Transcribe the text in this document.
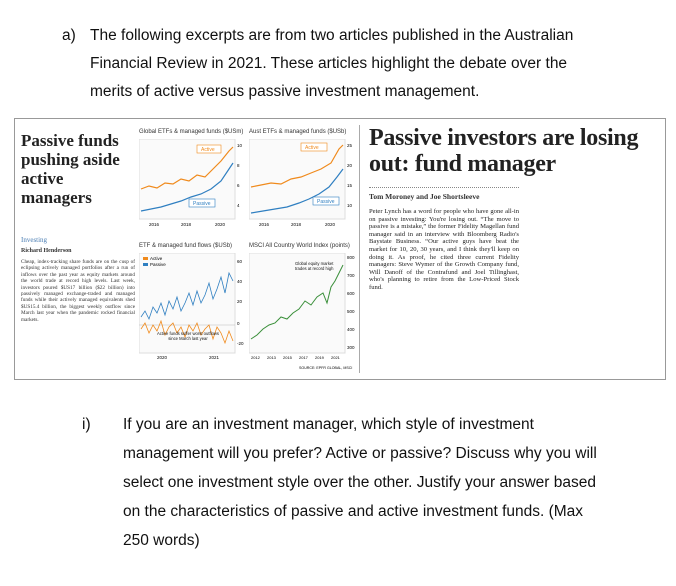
a) The following excerpts are from two articles published in the Australian Financial Review in 2021. These articles highlight the debate over the merits of active versus passive investment management.
Passive funds pushing aside active managers
Investing
Richard Henderson
Cheap, index-tracking share funds are on the cusp of eclipsing actively managed portfolios after a run of inflows over the past year as equity markets around the world trade at record high levels. Last week, investors poured $US17 billion ($22 billion) into passively managed exchange-traded and managed funds while their actively managed equivalents shed $US15.4 billion, the biggest weekly outflow since March last year when the pandemic rocked financial markets.
Global ETFs & managed funds ($USm)
Active
Passive
10
8
6
4
2016	2018	2020
Aust ETFs & managed funds ($USb)
Active
Passive
25
20
15
10
2016	2018	2020
ETF & managed fund flows ($USb)
Active
Passive
60
40
20
0
-20
Active funds suffer worst outflows since March last year
2020	2021
MSCI All Country World Index (points)
Global equity market trades at record high
800
700
600
500
400
300
2012 2013 2015 2017 2019 2021
SOURCE: EPFR GLOBAL, MSCI
Passive investors are losing out: fund manager
Tom Moroney and Joe Shortsleeve
Peter Lynch has a word for people who have gone all-in on passive investing: You're losing out. “The move to passive is a mistake,” the former Fidelity Magellan fund manager said in an interview with Bloomberg Radio's Baystate Business. “Our active guys have beat the market for 10, 20, 30 years, and I think they'll keep on doing it. As proof, he cited three current Fidelity managers: Steve Wymer of the Growth Company fund, Will Danoff of the Contrafund and Joel Tillinghast, who's planning to retire from the Low-Priced Stock fund.
i) If you are an investment manager, which style of investment management will you prefer? Active or passive? Discuss why you will select one investment style over the other. Justify your answer based on the characteristics of passive and active investment funds. (Max 250 words)
